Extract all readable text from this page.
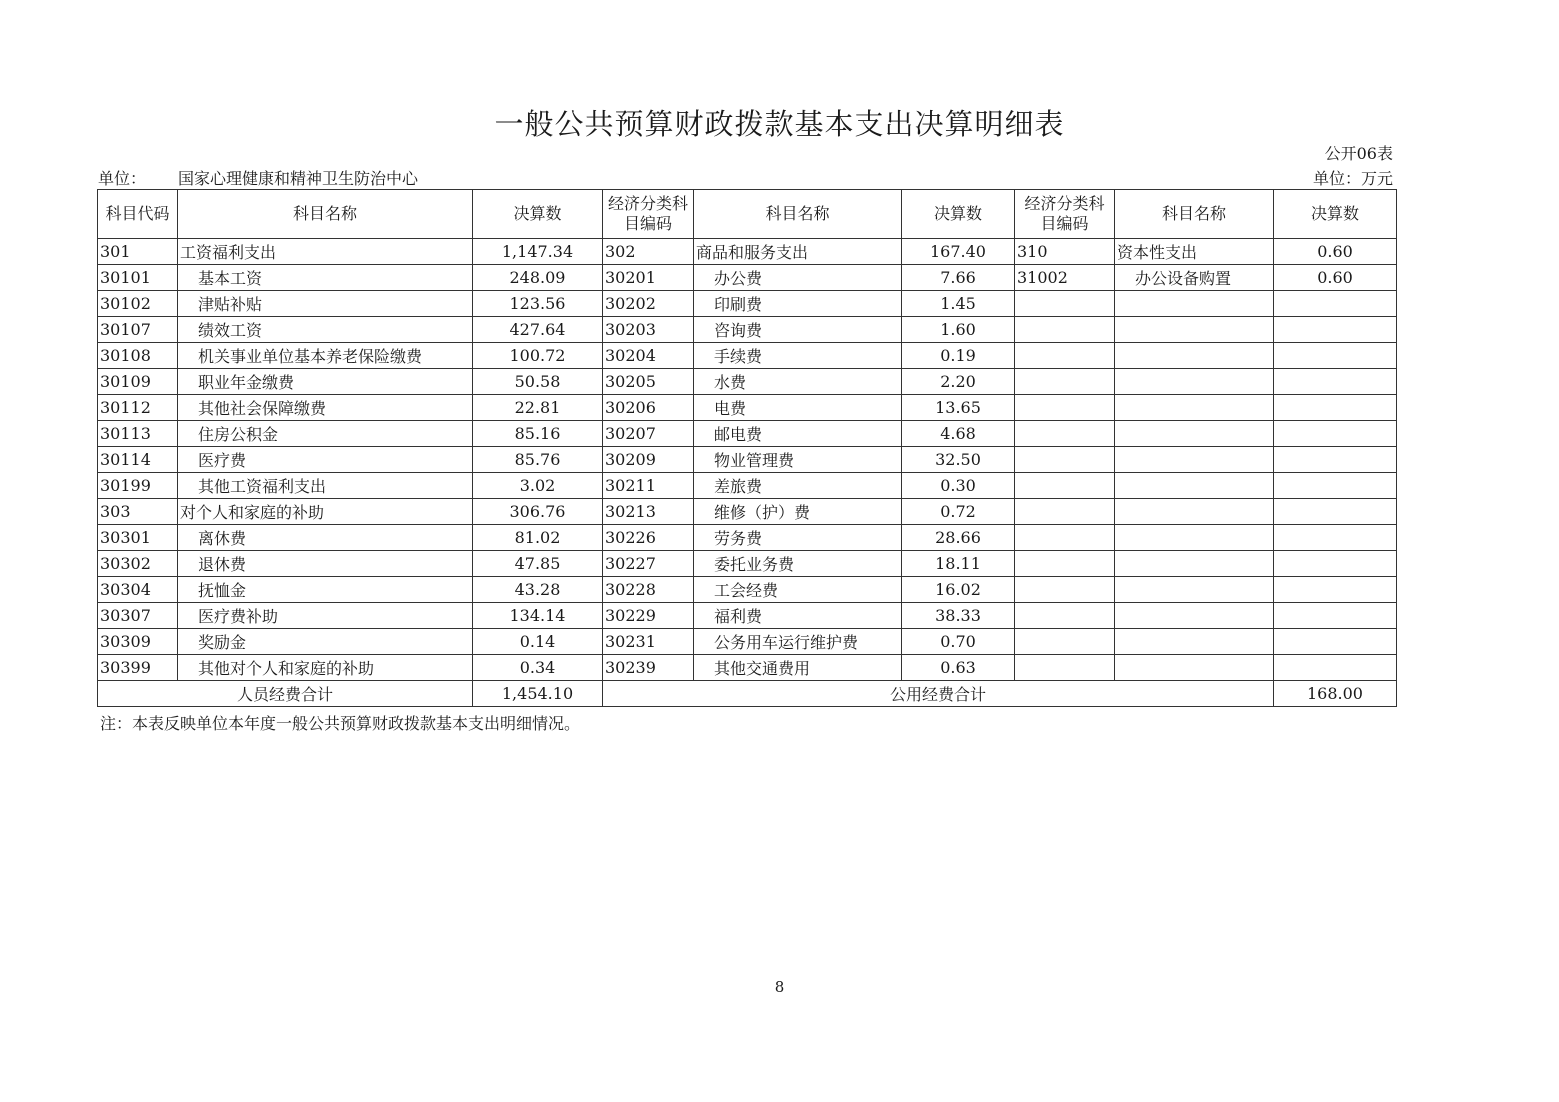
一般公共预算财政拨款基本支出决算明细表
公开06表
单位： 国家心理健康和精神卫生防治中心	单位：万元
科目代码	科目名称	决算数	经济分类科目编码	科目名称	决算数	经济分类科目编码	科目名称	决算数
301	工资福利支出	1,147.34	302	商品和服务支出	167.40	310	资本性支出	0.60
30101	基本工资	248.09	30201	办公费	7.66	31002	办公设备购置	0.60
30102	津贴补贴	123.56	30202	印刷费	1.45			
30107	绩效工资	427.64	30203	咨询费	1.60			
30108	机关事业单位基本养老保险缴费	100.72	30204	手续费	0.19			
30109	职业年金缴费	50.58	30205	水费	2.20			
30112	其他社会保障缴费	22.81	30206	电费	13.65			
30113	住房公积金	85.16	30207	邮电费	4.68			
30114	医疗费	85.76	30209	物业管理费	32.50			
30199	其他工资福利支出	3.02	30211	差旅费	0.30			
303	对个人和家庭的补助	306.76	30213	维修（护）费	0.72			
30301	离休费	81.02	30226	劳务费	28.66			
30302	退休费	47.85	30227	委托业务费	18.11			
30304	抚恤金	43.28	30228	工会经费	16.02			
30307	医疗费补助	134.14	30229	福利费	38.33			
30309	奖励金	0.14	30231	公务用车运行维护费	0.70			
30399	其他对个人和家庭的补助	0.34	30239	其他交通费用	0.63			
人员经费合计		1,454.10	公用经费合计					168.00
注：本表反映单位本年度一般公共预算财政拨款基本支出明细情况。
8
